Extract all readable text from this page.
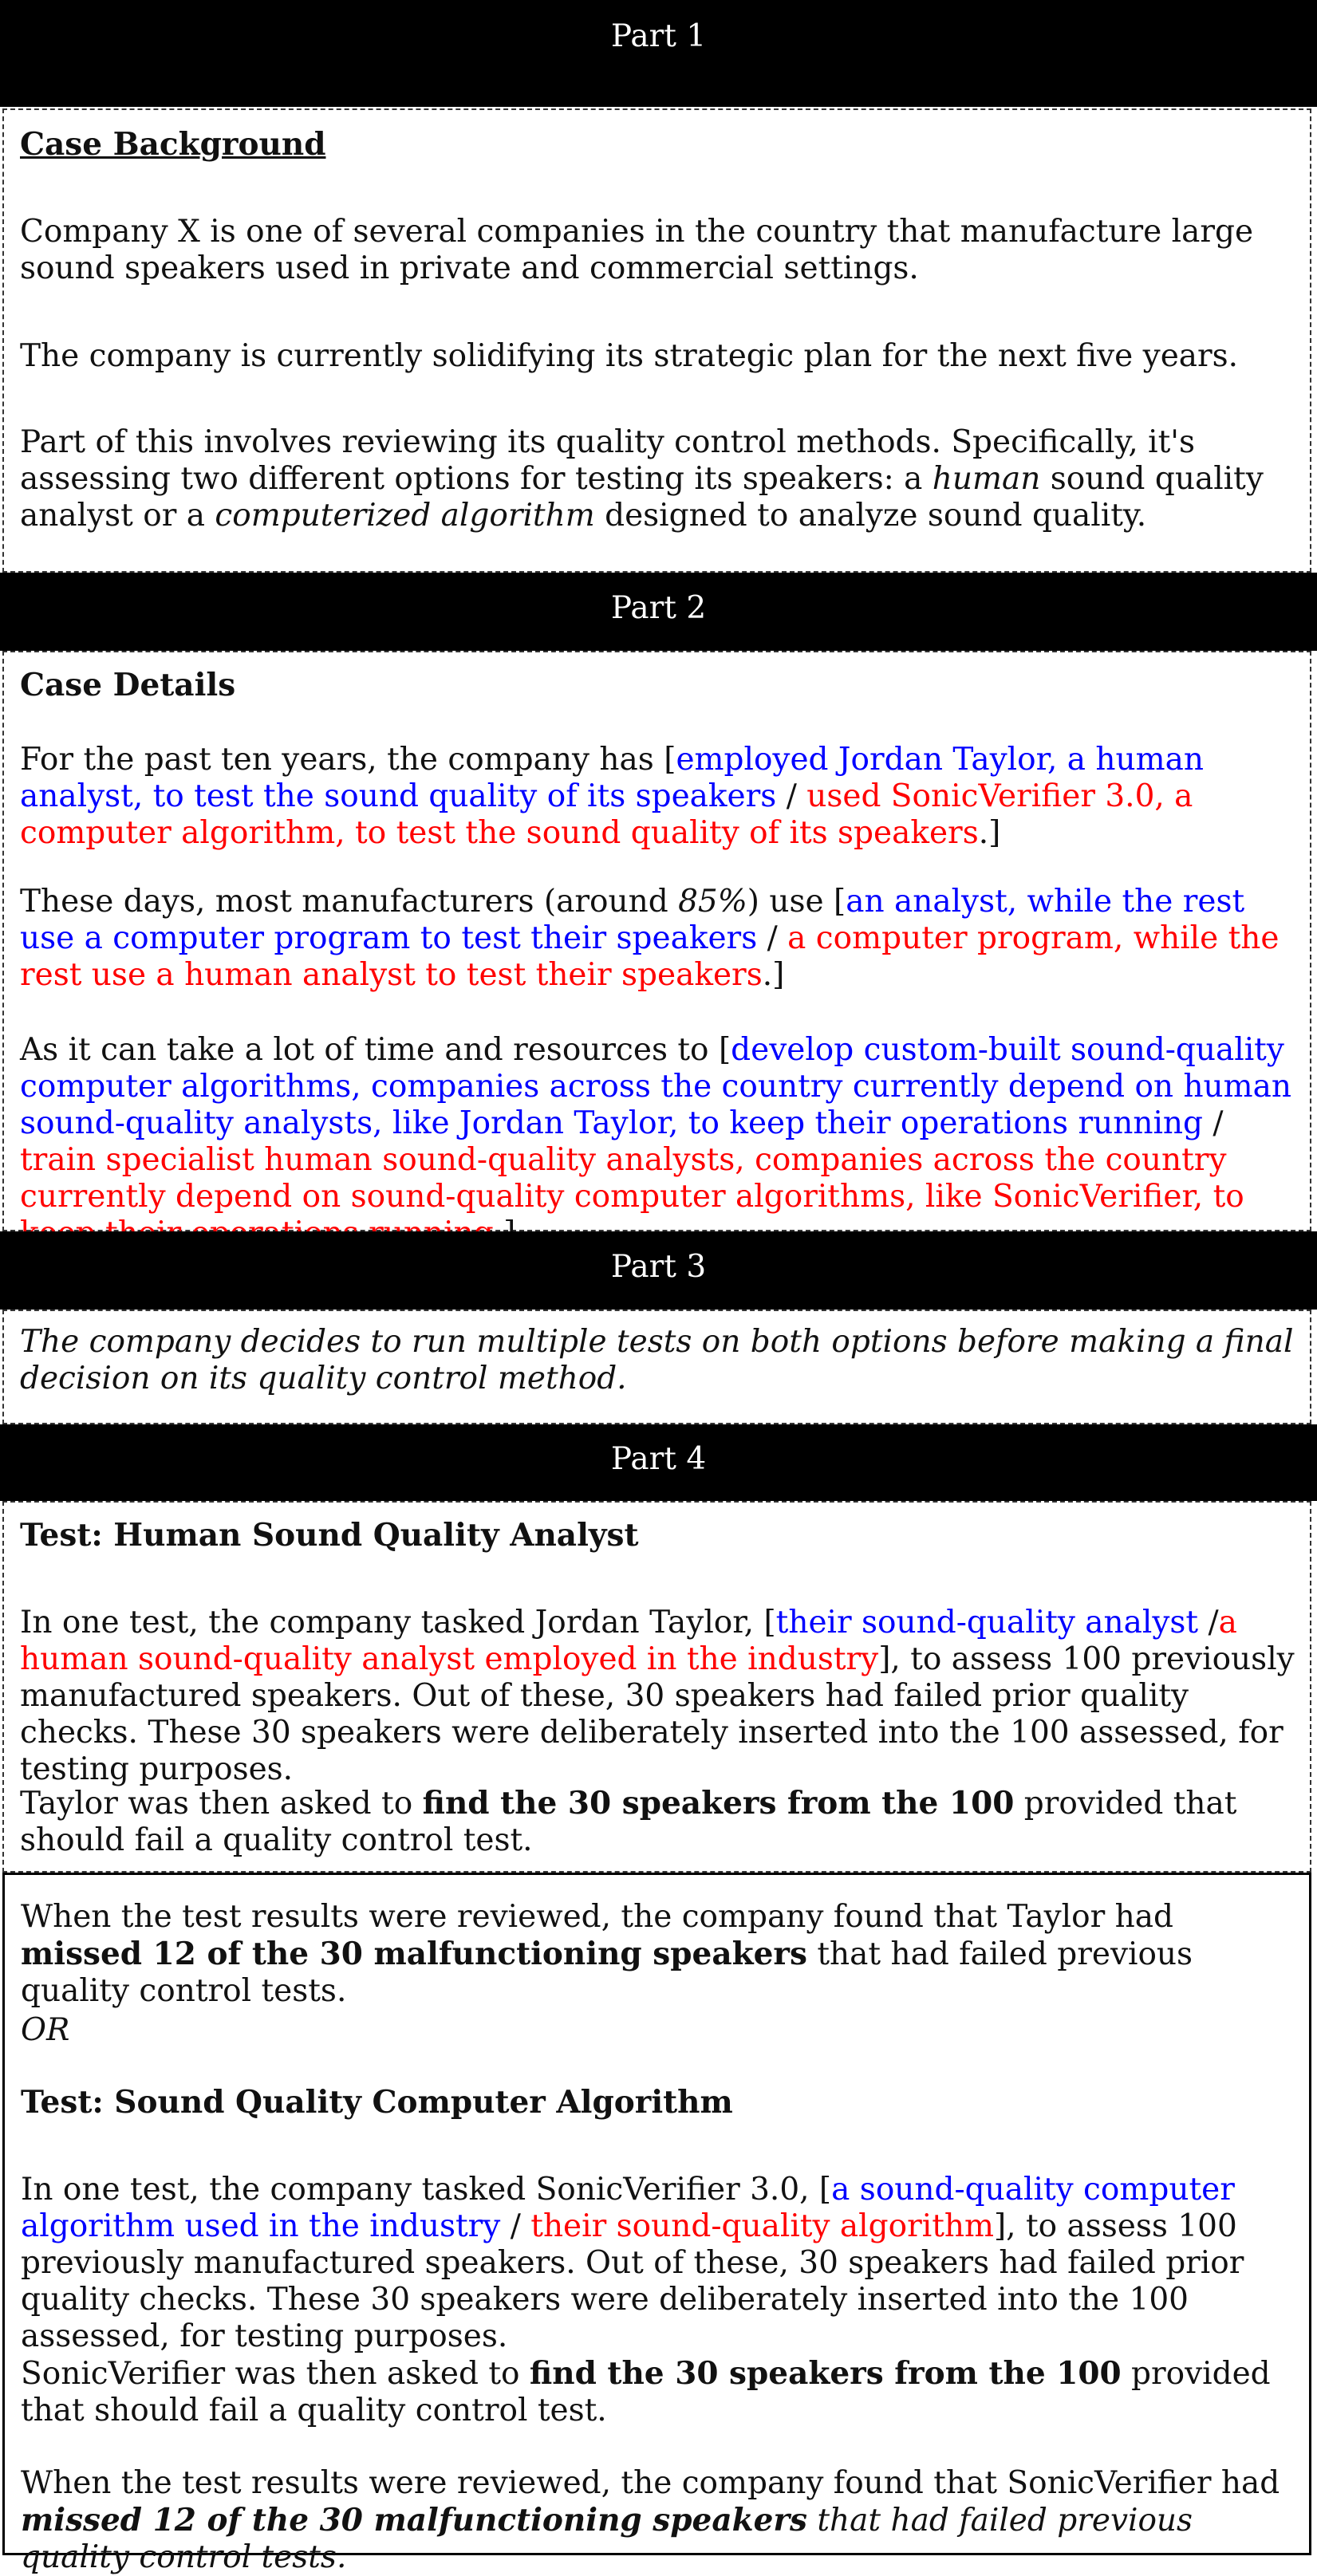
Part 1

Case Background

Company X is one of several companies in the country that manufacture large sound speakers used in private and commercial settings.

The company is currently solidifying its strategic plan for the next five years.

Part of this involves reviewing its quality control methods. Specifically, it's assessing two different options for testing its speakers: a human sound quality analyst or a computerized algorithm designed to analyze sound quality.

Part 2

Case Details

For the past ten years, the company has [employed Jordan Taylor, a human analyst, to test the sound quality of its speakers / used SonicVerifier 3.0, a computer algorithm, to test the sound quality of its speakers.]

These days, most manufacturers (around 85%) use [an analyst, while the rest use a computer program to test their speakers / a computer program, while the rest use a human analyst to test their speakers.]

As it can take a lot of time and resources to [develop custom-built sound-quality computer algorithms, companies across the country currently depend on human sound-quality analysts, like Jordan Taylor, to keep their operations running / train specialist human sound-quality analysts, companies across the country currently depend on sound-quality computer algorithms, like SonicVerifier, to

Part 3

The company decides to run multiple tests on both options before making a final decision on its quality control method.

Part 4

Test: Human Sound Quality Analyst

In one test, the company tasked Jordan Taylor, [their sound-quality analyst /a human sound-quality analyst employed in the industry], to assess 100 previously manufactured speakers. Out of these, 30 speakers had failed prior quality checks. These 30 speakers were deliberately inserted into the 100 assessed, for testing purposes.

Taylor was then asked to find the 30 speakers from the 100 provided that should fail a quality control test.

When the test results were reviewed, the company found that Taylor had missed 12 of the 30 malfunctioning speakers that had failed previous quality control tests.

OR

Test: Sound Quality Computer Algorithm

In one test, the company tasked SonicVerifier 3.0, [a sound-quality computer algorithm used in the industry / their sound-quality algorithm], to assess 100 previously manufactured speakers. Out of these, 30 speakers had failed prior quality checks. These 30 speakers were deliberately inserted into the 100 assessed, for testing purposes.

SonicVerifier was then asked to find the 30 speakers from the 100 provided that should fail a quality control test.

When the test results were reviewed, the company found that SonicVerifier had missed 12 of the 30 malfunctioning speakers that had failed previous quality control tests.
